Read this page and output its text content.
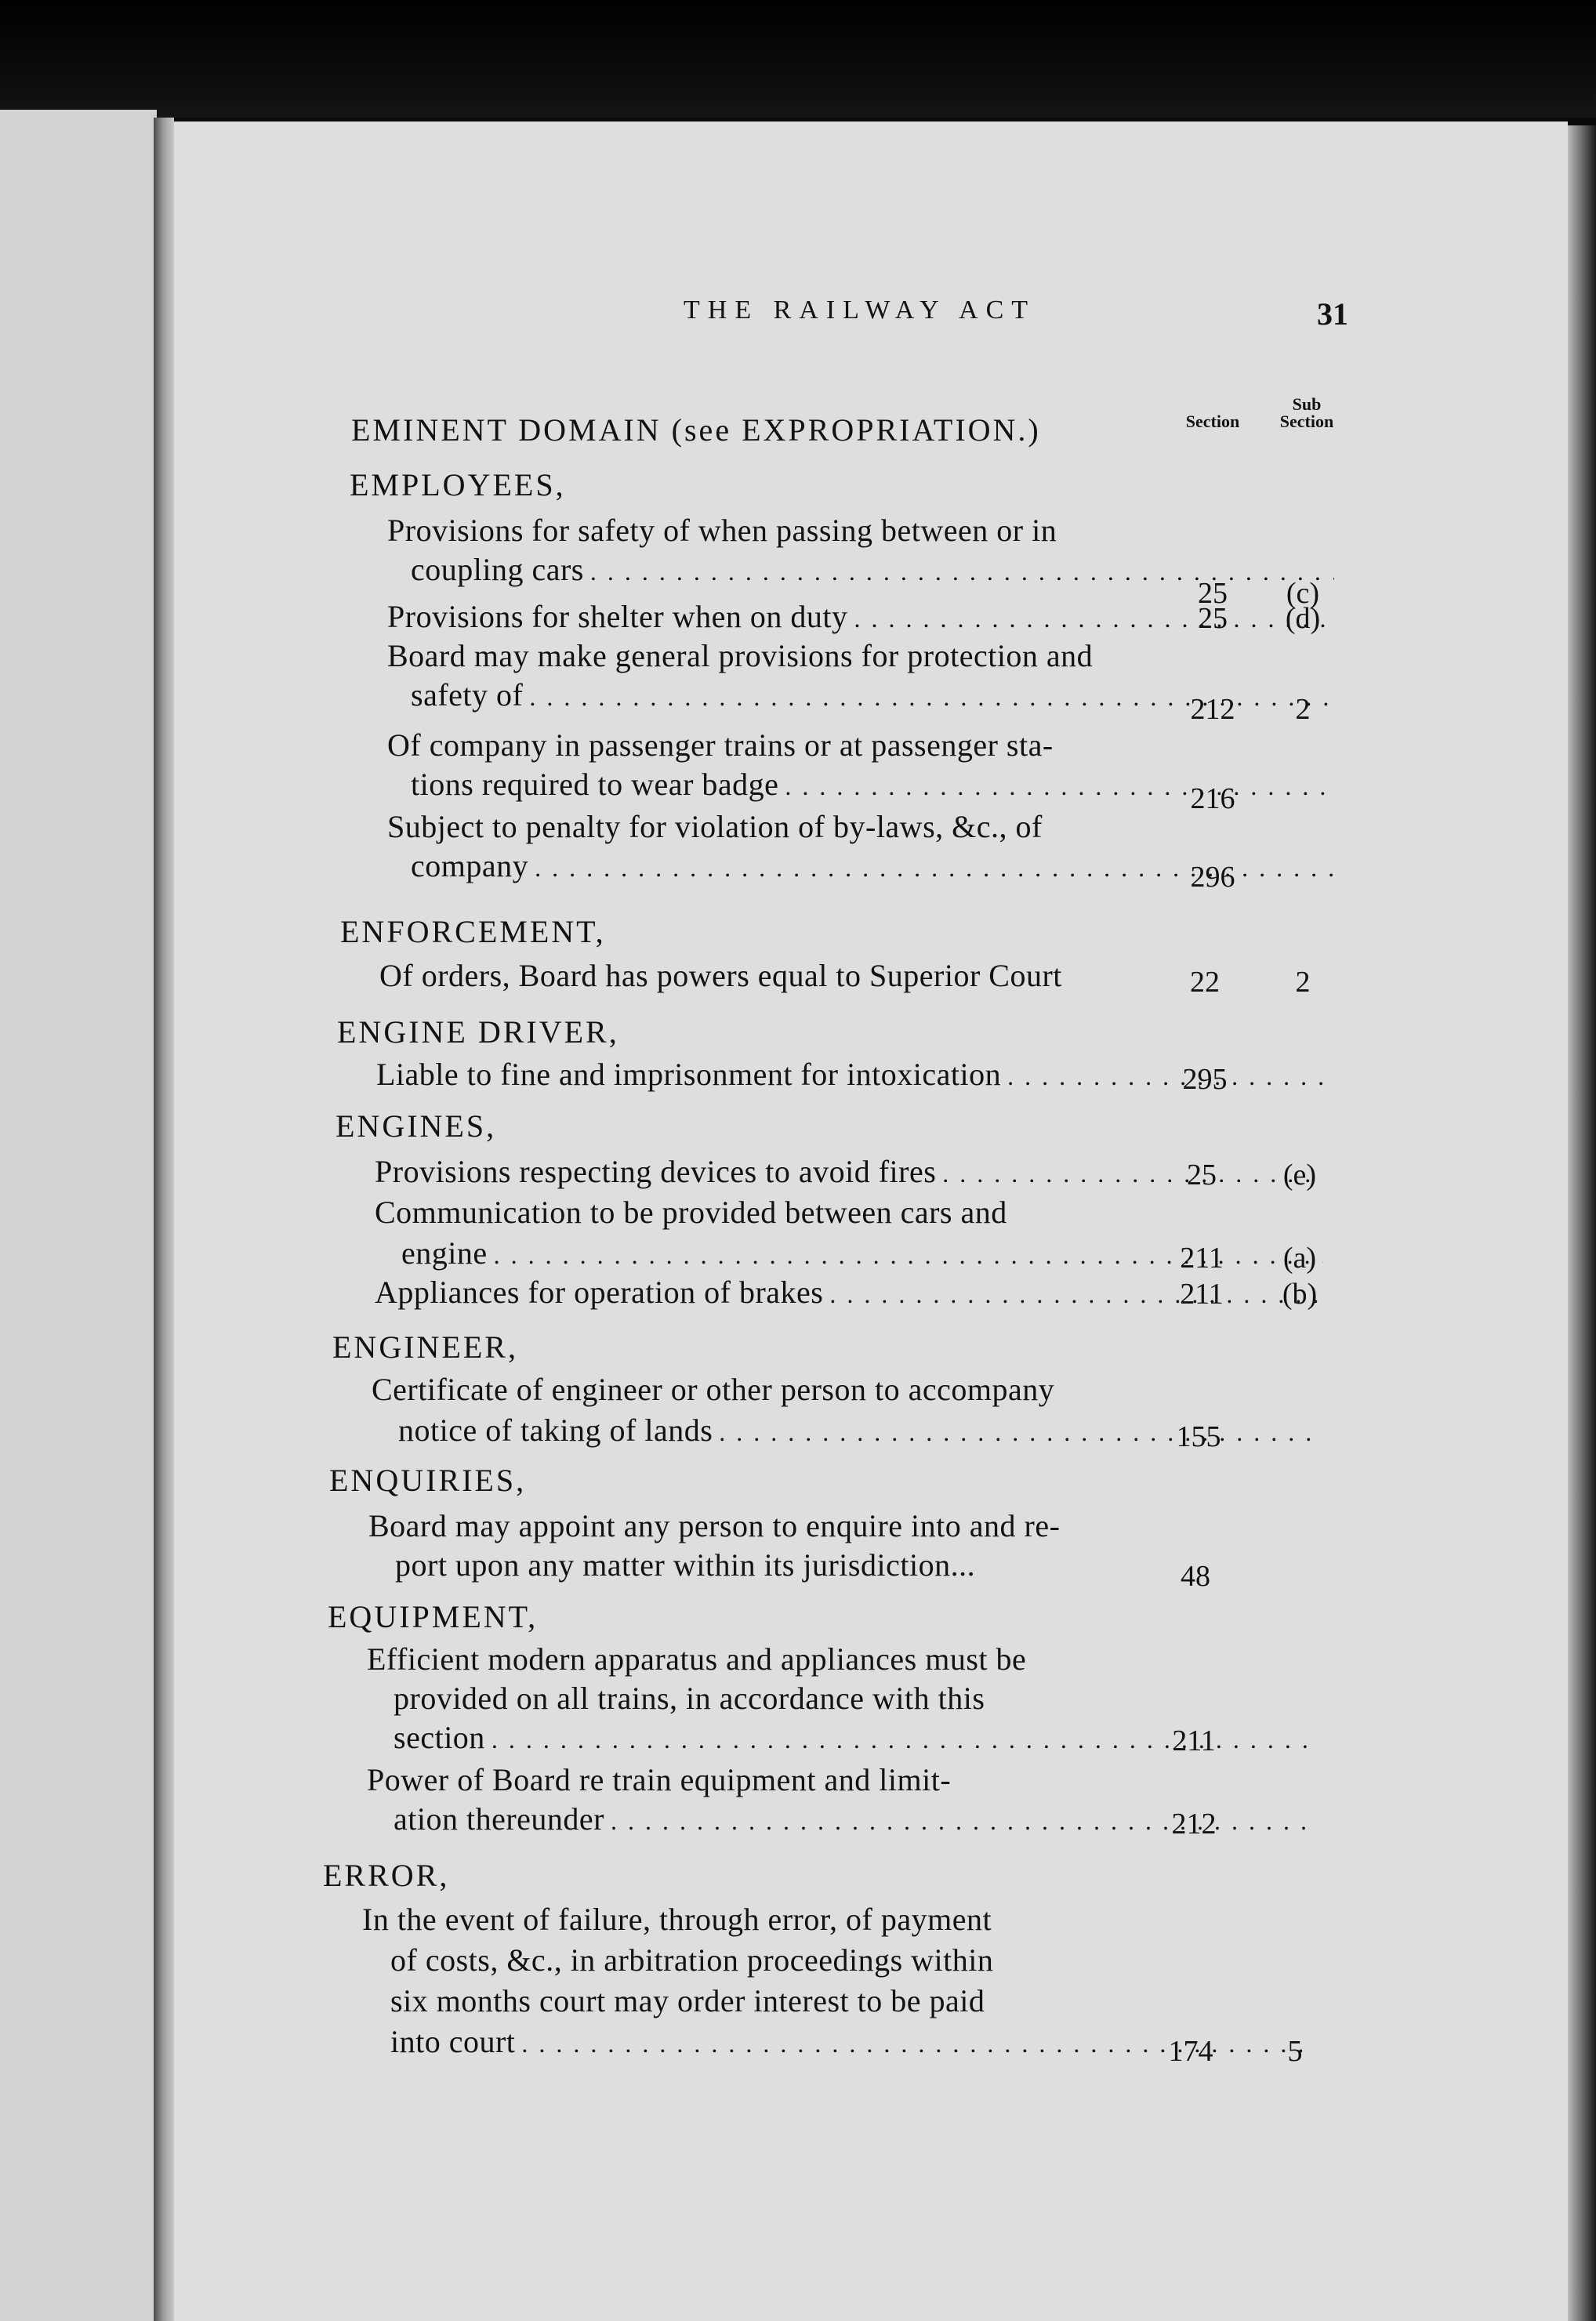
THE RAILWAY ACT	31
Section
Sub
Section
EMINENT DOMAIN (see EXPROPRIATION.)
EMPLOYEES,
Provisions for safety of when passing between or in
coupling cars . . .
25	(c)
Provisions for shelter when on duty . . .	25	(d)
Board may make general provisions for protection and
safety of . . .	212	2
Of company in passenger trains or at passenger sta-
tions required to wear badge . . .	216
Subject to penalty for violation of by-laws, &c., of
company . . .	296
ENFORCEMENT,
Of orders, Board has powers equal to Superior Court	22	2
ENGINE DRIVER,
Liable to fine and imprisonment for intoxication . . .	295
ENGINES,
Provisions respecting devices to avoid fires . . .	25	(e)
Communication to be provided between cars and
engine . . .	211	(a)
Appliances for operation of brakes . . .	211	(b)
ENGINEER,
Certificate of engineer or other person to accompany
notice of taking of lands . . .	155
ENQUIRIES,
Board may appoint any person to enquire into and re-
port upon any matter within its jurisdiction...	48
EQUIPMENT,
Efficient modern apparatus and appliances must be
provided on all trains, in accordance with this
section . . .	211
Power of Board re train equipment and limit-
ation thereunder . . .	212
ERROR,
In the event of failure, through error, of payment
of costs, &c., in arbitration proceedings within
six months court may order interest to be paid
into court . . .	174	5
